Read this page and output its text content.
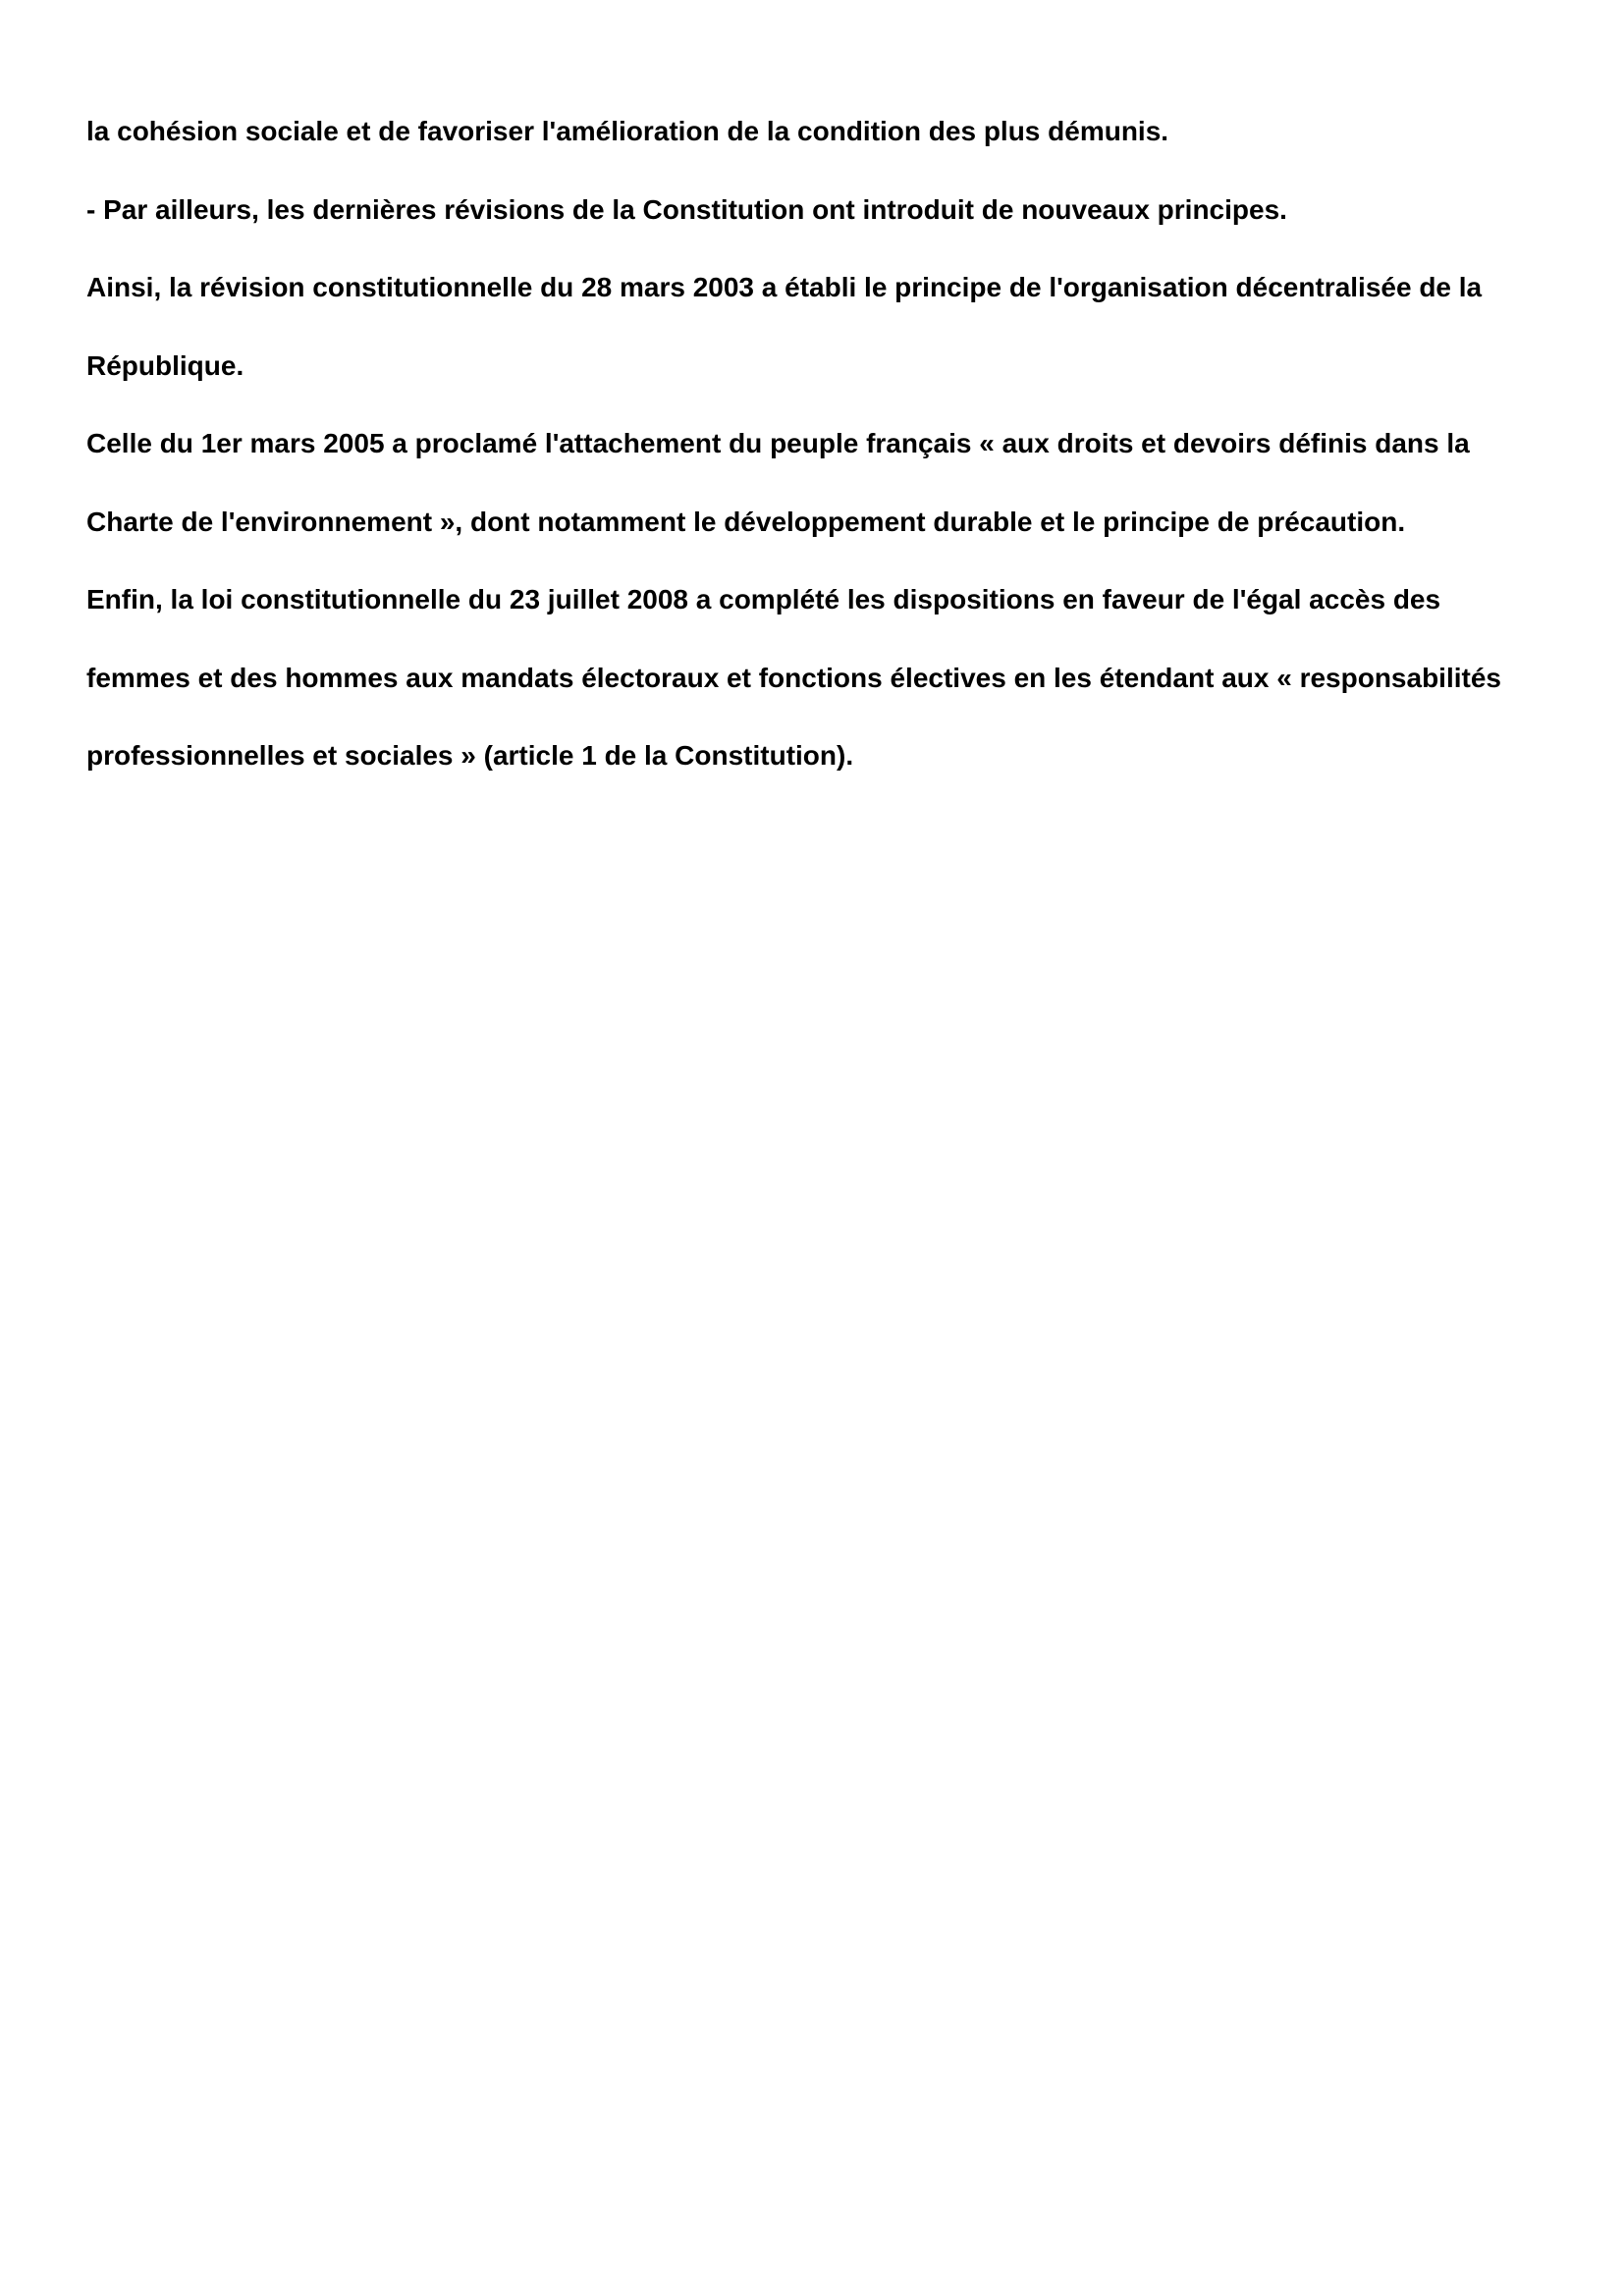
la cohésion sociale et de favoriser l'amélioration de la condition des plus démunis.
- Par ailleurs, les dernières révisions de la Constitution ont introduit de nouveaux principes.
Ainsi, la révision constitutionnelle du 28 mars 2003 a établi le principe de l'organisation décentralisée de la
République.
Celle du 1er mars 2005 a proclamé l'attachement du peuple français « aux droits et devoirs définis dans la
Charte de l'environnement », dont notamment le développement durable et le principe de précaution.
Enfin, la loi constitutionnelle du 23 juillet 2008 a complété les dispositions en faveur de l'égal accès des
femmes et des hommes aux mandats électoraux et fonctions électives en les étendant aux « responsabilités
professionnelles et sociales » (article 1 de la Constitution).
